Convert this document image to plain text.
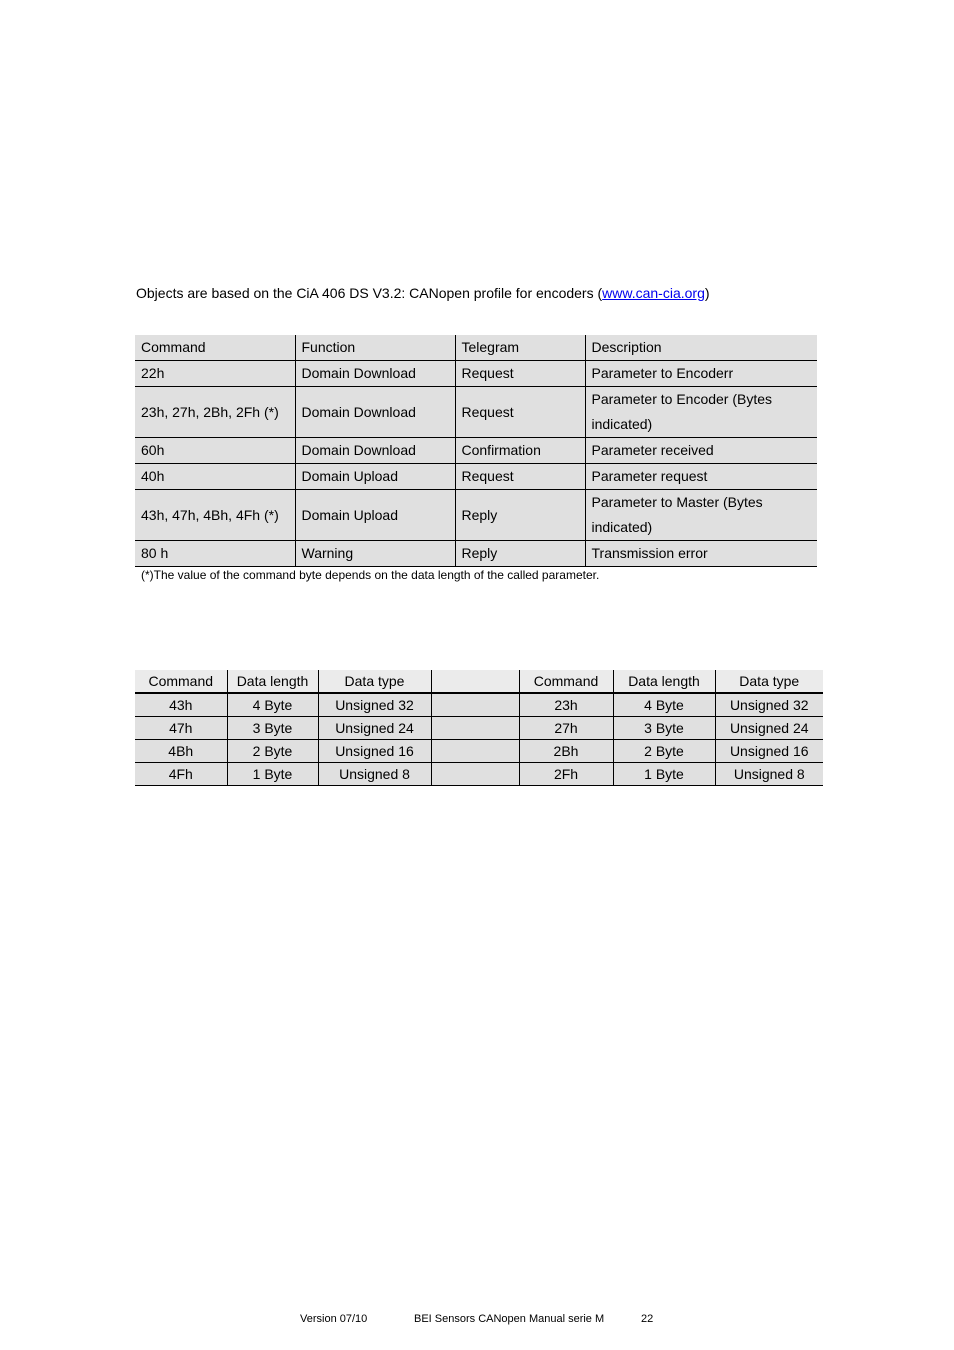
Objects are based on the CiA 406 DS V3.2: CANopen profile for encoders (www.can-cia.org)
Command	Function	Telegram	Description
22h	Domain Download	Request	Parameter to Encoderr
23h, 27h, 2Bh, 2Fh (*)	Domain Download	Request	Parameter to Encoder (Bytes indicated)
60h	Domain Download	Confirmation	Parameter received
40h	Domain Upload	Request	Parameter request
43h, 47h, 4Bh, 4Fh (*)	Domain Upload	Reply	Parameter to Master (Bytes indicated)
80 h	Warning	Reply	Transmission error
(*)The value of the command byte depends on the data length of the called parameter.
Command	Data length	Data type		Command	Data length	Data type
43h	4 Byte	Unsigned 32		23h	4 Byte	Unsigned 32
47h	3 Byte	Unsigned 24		27h	3 Byte	Unsigned 24
4Bh	2 Byte	Unsigned 16		2Bh	2 Byte	Unsigned 16
4Fh	1 Byte	Unsigned 8		2Fh	1 Byte	Unsigned 8
Version 07/10	BEI Sensors CANopen Manual serie M	22
